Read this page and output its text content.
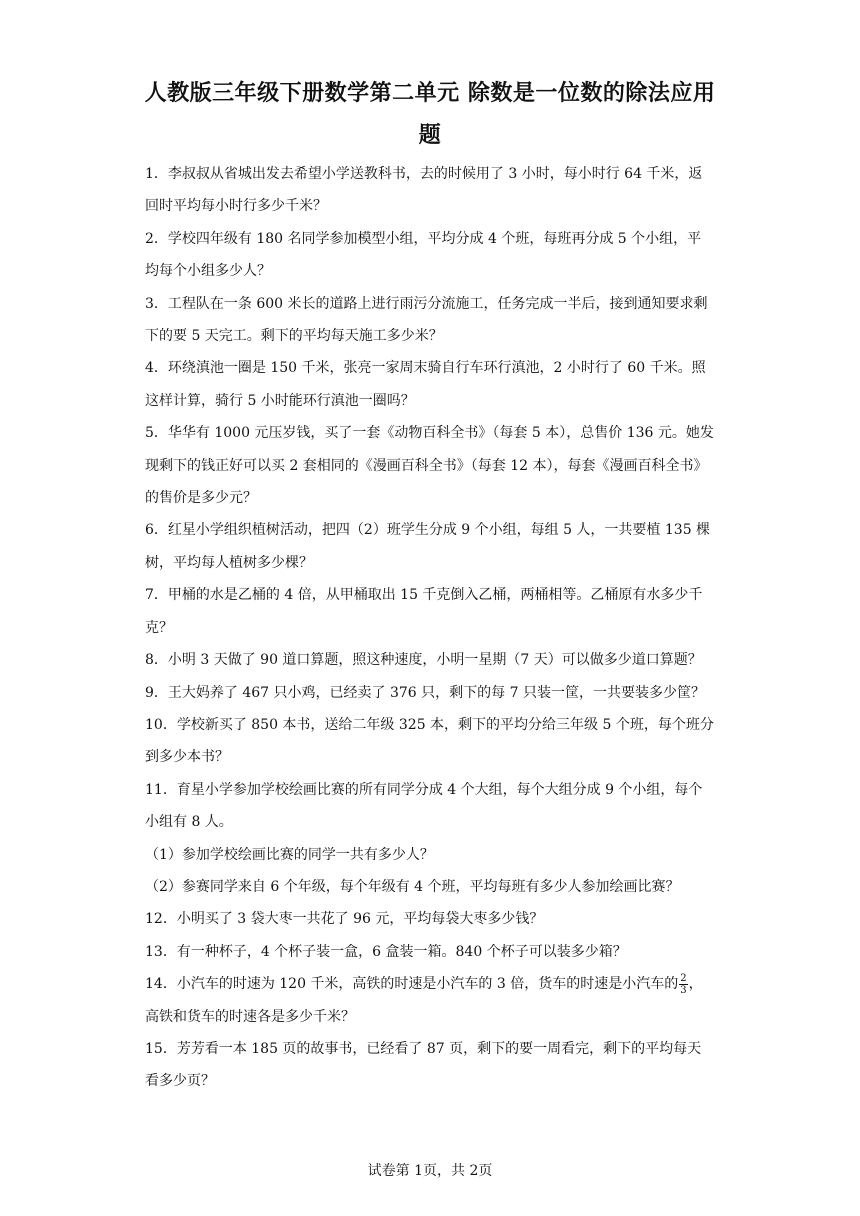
人教版三年级下册数学第二单元 除数是一位数的除法应用
题

1．李叔叔从省城出发去希望小学送教科书，去的时候用了 3 小时，每小时行 64 千米，返回时平均每小时行多少千米？

2．学校四年级有 180 名同学参加模型小组，平均分成 4 个班，每班再分成 5 个小组，平均每个小组多少人？

3．工程队在一条 600 米长的道路上进行雨污分流施工，任务完成一半后，接到通知要求剩下的要 5 天完工。剩下的平均每天施工多少米？

4．环绕滇池一圈是 150 千米，张亮一家周末骑自行车环行滇池，2 小时行了 60 千米。照这样计算，骑行 5 小时能环行滇池一圈吗？

5．华华有 1000 元压岁钱，买了一套《动物百科全书》（每套 5 本），总售价 136 元。她发现剩下的钱正好可以买 2 套相同的《漫画百科全书》（每套 12 本），每套《漫画百科全书》的售价是多少元？

6．红星小学组织植树活动，把四（2）班学生分成 9 个小组，每组 5 人，一共要植 135 棵树，平均每人植树多少棵？

7．甲桶的水是乙桶的 4 倍，从甲桶取出 15 千克倒入乙桶，两桶相等。乙桶原有水多少千克？

8．小明 3 天做了 90 道口算题，照这种速度，小明一星期（7 天）可以做多少道口算题？

9．王大妈养了 467 只小鸡，已经卖了 376 只，剩下的每 7 只装一筐，一共要装多少筐？

10．学校新买了 850 本书，送给二年级 325 本，剩下的平均分给三年级 5 个班，每个班分到多少本书？

11．育星小学参加学校绘画比赛的所有同学分成 4 个大组，每个大组分成 9 个小组，每个小组有 8 人。

（1）参加学校绘画比赛的同学一共有多少人？

（2）参赛同学来自 6 个年级，每个年级有 4 个班，平均每班有多少人参加绘画比赛？

12．小明买了 3 袋大枣一共花了 96 元，平均每袋大枣多少钱？

13．有一种杯子，4 个杯子装一盒，6 盒装一箱。840 个杯子可以装多少箱？

14．小汽车的时速为 120 千米，高铁的时速是小汽车的 3 倍，货车的时速是小汽车的 $\frac{2}{3}$ ，高铁和货车的时速各是多少千米？

15．芳芳看一本 185 页的故事书，已经看了 87 页，剩下的要一周看完，剩下的平均每天看多少页？

试卷第 1页，共 2页
